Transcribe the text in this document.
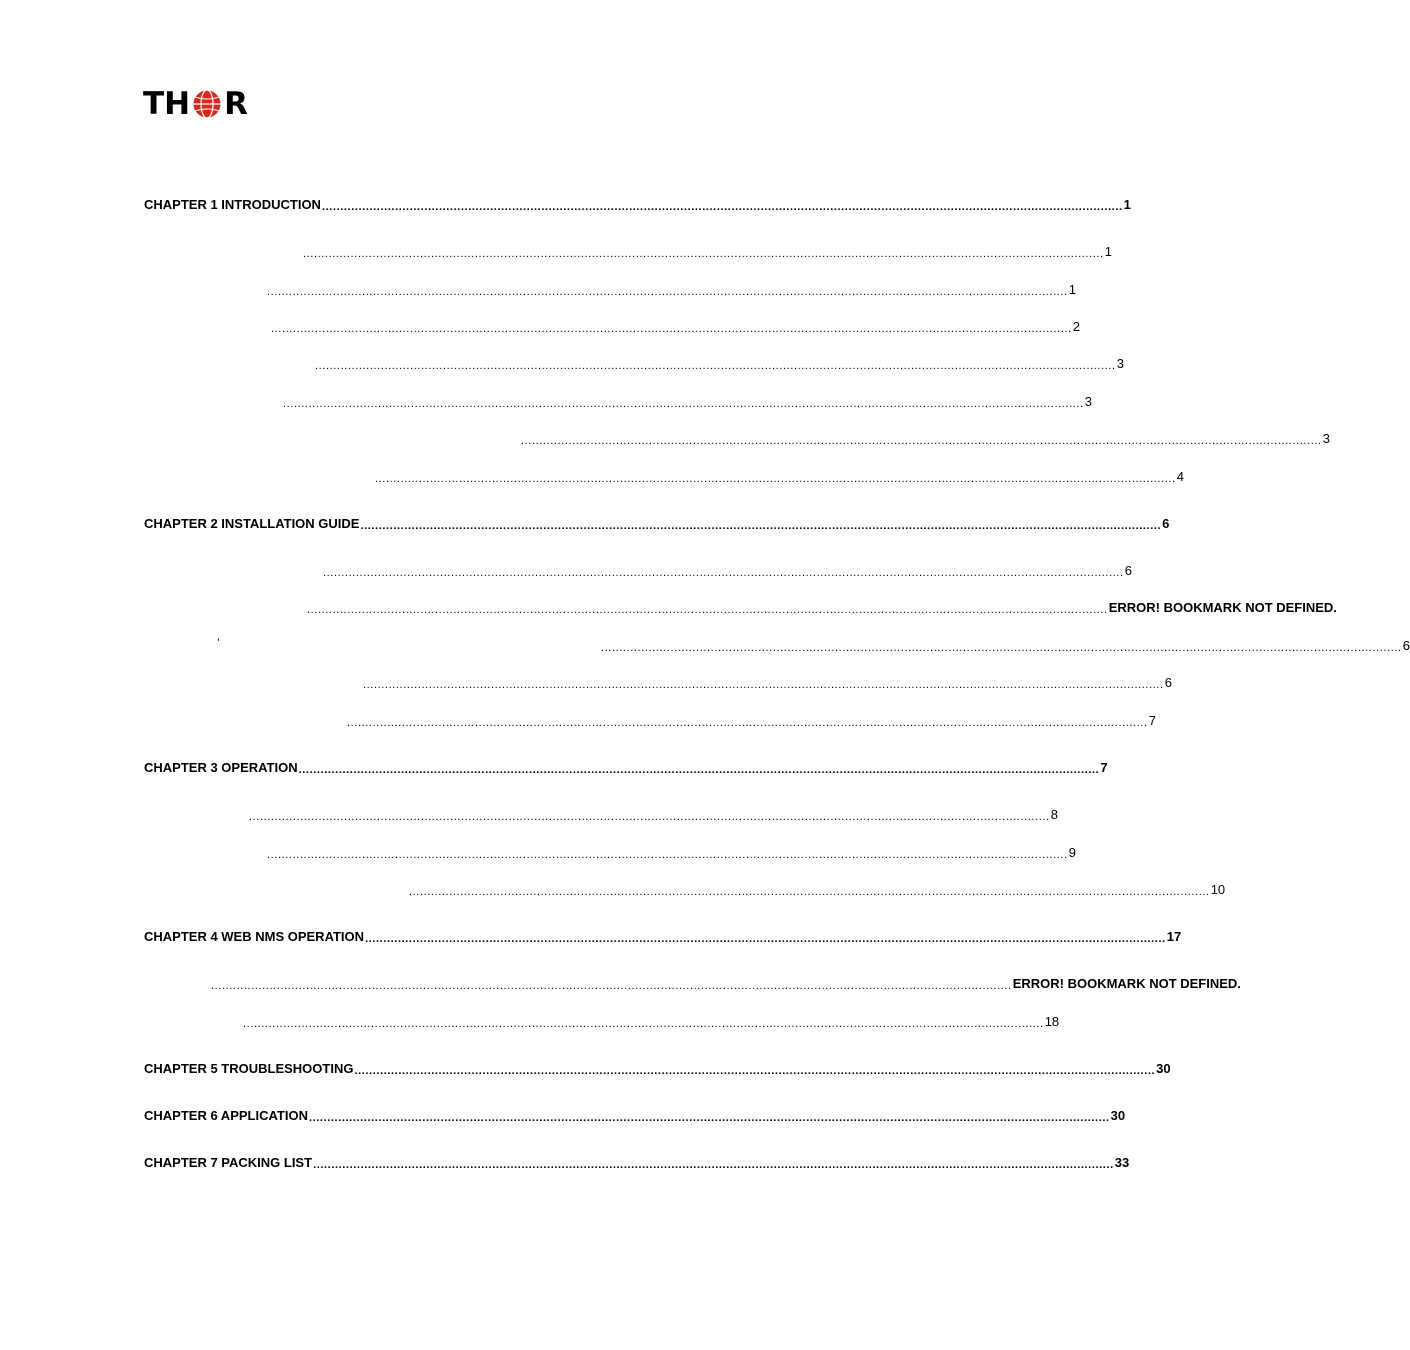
TH R
CHAPTER 1 INTRODUCTION ........................................................................................................................................................................................................................... 1
........................................................................................................................................................................................................................... 1
........................................................................................................................................................................................................................... 1
........................................................................................................................................................................................................................... 2
........................................................................................................................................................................................................................... 3
........................................................................................................................................................................................................................... 3
........................................................................................................................................................................................................................... 3
........................................................................................................................................................................................................................... 4
CHAPTER 2 INSTALLATION GUIDE ........................................................................................................................................................................................................................... 6
........................................................................................................................................................................................................................... 6
........................................................................................................................................................................................................................... ERROR! BOOKMARK NOT DEFINED.
........................................................................................................................................................................................................................... 6
........................................................................................................................................................................................................................... 6
........................................................................................................................................................................................................................... 7
CHAPTER 3 OPERATION ........................................................................................................................................................................................................................... 7
........................................................................................................................................................................................................................... 8
........................................................................................................................................................................................................................... 9
........................................................................................................................................................................................................................... 10
CHAPTER 4 WEB NMS OPERATION ........................................................................................................................................................................................................................... 17
........................................................................................................................................................................................................................... ERROR! BOOKMARK NOT DEFINED.
........................................................................................................................................................................................................................... 18
CHAPTER 5 TROUBLESHOOTING ........................................................................................................................................................................................................................... 30
CHAPTER 6 APPLICATION ........................................................................................................................................................................................................................... 30
CHAPTER 7 PACKING LIST ........................................................................................................................................................................................................................... 33
’
